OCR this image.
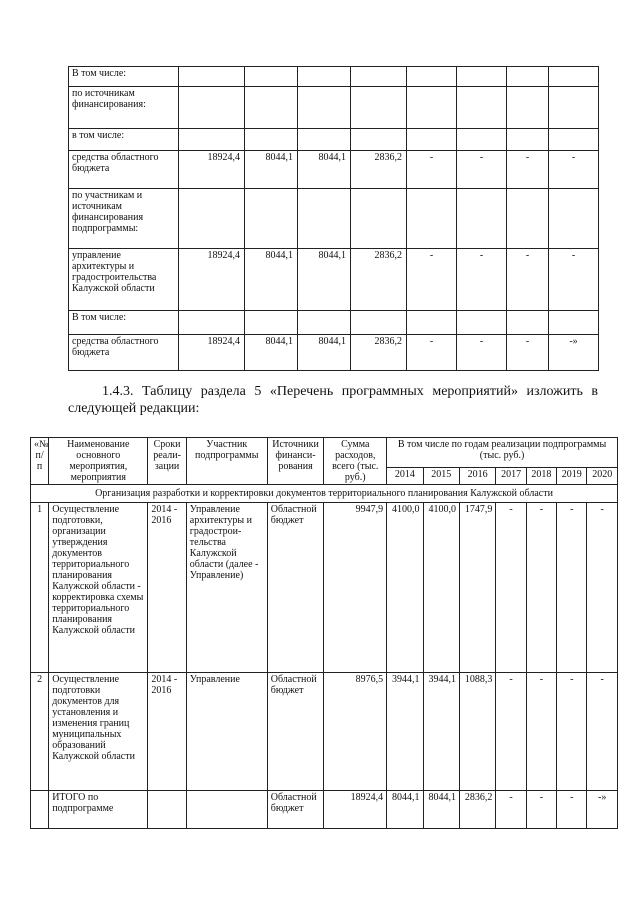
В том числе:								
по источникам финансирования:								
в том числе:								
средства областного бюджета	18924,4	8044,1	8044,1	2836,2	-	-	-	-
по участникам и источникам финансирования подпрограммы:								
управление архитектуры и градостроительства Калужской области	18924,4	8044,1	8044,1	2836,2	-	-	-	-
В том числе:								
средства областного бюджета	18924,4	8044,1	8044,1	2836,2	-	-	-	-»
1.4.3. Таблицу раздела 5 «Перечень программных мероприятий» изложить в следующей редакции:
«№ п/п	Наименование основного мероприятия, мероприятия	Сроки реали-зации	Участник подпрограммы	Источники финанси-рования	Сумма расходов, всего (тыс. руб.)	В том числе по годам реализации подпрограммы (тыс. руб.)						
						2014	2015	2016	2017	2018	2019	2020
Организация разработки и корректировки документов территориального планирования Калужской области												
1	Осуществление подготовки, организации утверждения документов территориального планирования Калужской области - корректировка схемы территориального планирования Калужской области	2014 - 2016	Управление архитектуры и градострои-тельства Калужской области (далее - Управление)	Областной бюджет	9947,9	4100,0	4100,0	1747,9	-	-	-	-
2	Осуществление подготовки документов для установления и изменения границ муниципальных образований Калужской области	2014 - 2016	Управление	Областной бюджет	8976,5	3944,1	3944,1	1088,3	-	-	-	-
	ИТОГО по подпрограмме			Областной бюджет	18924,4	8044,1	8044,1	2836,2	-	-	-	-»
